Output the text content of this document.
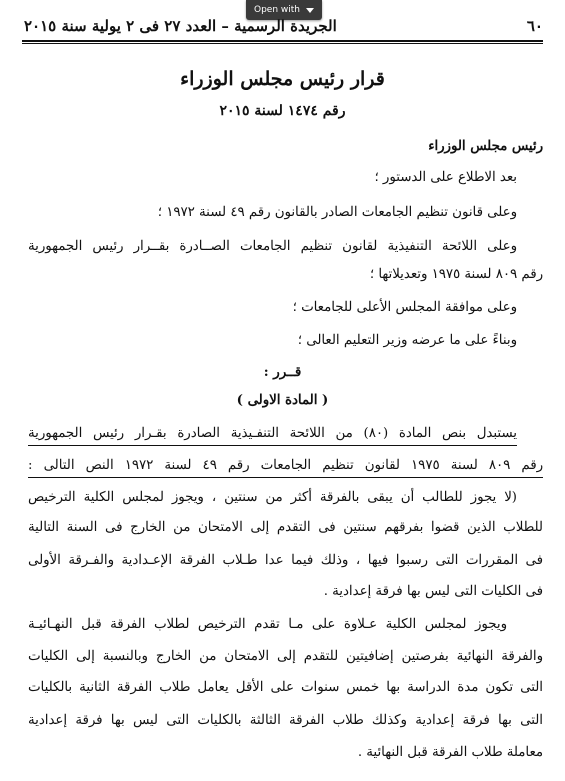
Open with
٦٠
الجريدة الرسمية – العدد ٢٧ فى ٢ يولية سنة ٢٠١٥
قرار رئيس مجلس الوزراء
رقم ١٤٧٤ لسنة ٢٠١٥
رئيس مجلس الوزراء
بعد الاطلاع على الدستور ؛
وعلى قانون تنظيم الجامعات الصادر بالقانون رقم ٤٩ لسنة ١٩٧٢ ؛
وعلى اللائحة التنفيذية لقانون تنظيم الجامعات الصــادرة بقــرار رئيس الجمهورية
رقم ٨٠٩ لسنة ١٩٧٥ وتعديلاتها ؛
وعلى موافقة المجلس الأعلى للجامعات ؛
وبناءً على ما عرضه وزير التعليم العالى ؛
قــرر :
( المادة الاولى )
يستبدل بنص المادة (٨٠) من اللائحة التنفـيذية الصادرة بقـرار رئيس الجمهورية
رقم ٨٠٩ لسنة ١٩٧٥ لقانون تنظيم الجامعات رقم ٤٩ لسنة ١٩٧٢ النص التالى :
(لا يجوز للطالب أن يبقى بالفرقة أكثر من سنتين ، ويجوز لمجلس الكلية الترخيص
للطلاب الذين قضوا بفرقهم سنتين فى التقدم إلى الامتحان من الخارج فى السنة التالية
فى المقررات التى رسبوا فيها ، وذلك فيما عدا طـلاب الفرقة الإعـدادية والفـرقة الأولى
فى الكليات التى ليس بها فرقة إعدادية .
ويجوز لمجلس الكلية عـلاوة على مـا تقدم الترخيص لطلاب الفرقة قبل النهـائيـة
والفرقة النهائية بفرصتين إضافيتين للتقدم إلى الامتحان من الخارج وبالنسبة إلى الكليات
التى تكون مدة الدراسة بها خمس سنوات على الأقل يعامل طلاب الفرقة الثانية بالكليات
التى بها فرقة إعدادية وكذلك طلاب الفرقة الثالثة بالكليات التى ليس بها فرقة إعدادية
معاملة طلاب الفرقة قبل النهائية .
